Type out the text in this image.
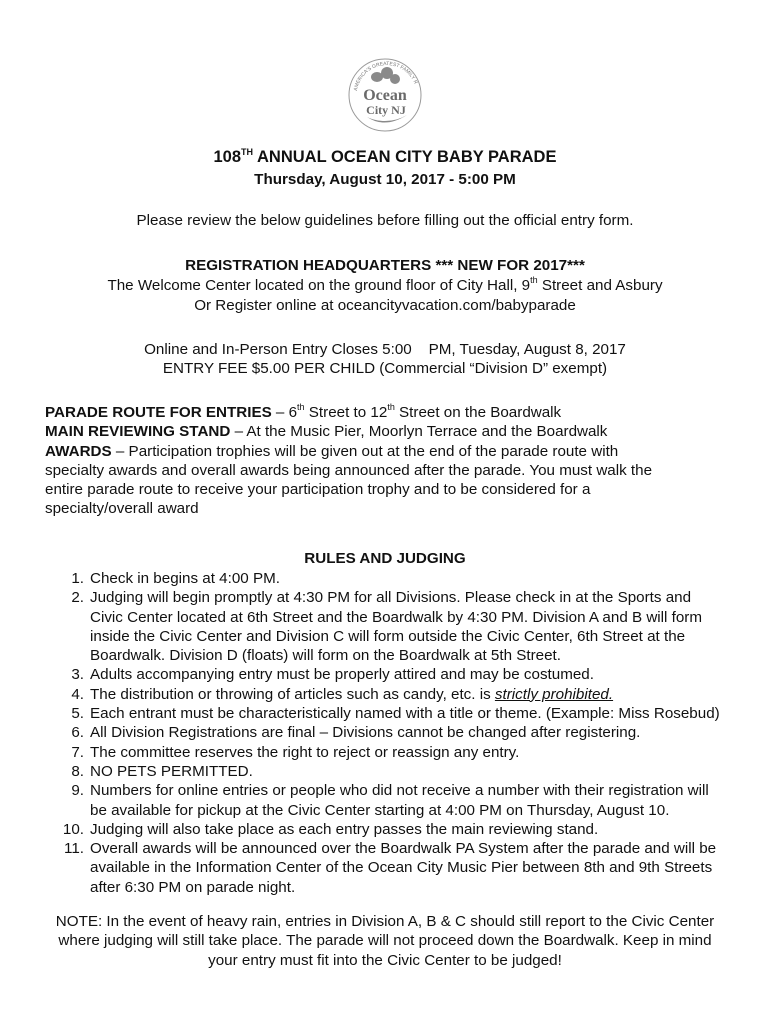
AMERICA'S GREATEST FAMILY R
Ocean
City NJ
108TH ANNUAL OCEAN CITY BABY PARADE
Thursday, August 10, 2017 - 5:00 PM
Please review the below guidelines before filling out the official entry form.
REGISTRATION HEADQUARTERS *** NEW FOR 2017***
The Welcome Center located on the ground floor of City Hall, 9th Street and Asbury
Or Register online at oceancityvacation.com/babyparade
Online and In-Person Entry Closes 5:00    PM, Tuesday, August 8, 2017
ENTRY FEE $5.00 PER CHILD (Commercial “Division D” exempt)

PARADE ROUTE FOR ENTRIES – 6th Street to 12th Street on the Boardwalk

MAIN REVIEWING STAND – At the Music Pier, Moorlyn Terrace and the Boardwalk

AWARDS – Participation trophies will be given out at the end of the parade route with

specialty awards and overall awards being announced after the parade. You must walk the

entire parade route to receive your participation trophy and to be considered for a

specialty/overall award

RULES AND JUDGING
1. Check in begins at 4:00 PM.
2. Judging will begin promptly at 4:30 PM for all Divisions. Please check in at the Sports and
Civic Center located at 6th Street and the Boardwalk by 4:30 PM. Division A and B will form
inside the Civic Center and Division C will form outside the Civic Center, 6th Street at the
Boardwalk. Division D (floats) will form on the Boardwalk at 5th Street.
3. Adults accompanying entry must be properly attired and may be costumed.
4. The distribution or throwing of articles such as candy, etc. is strictly prohibited.
5. Each entrant must be characteristically named with a title or theme. (Example: Miss Rosebud)
6. All Division Registrations are final – Divisions cannot be changed after registering.
7. The committee reserves the right to reject or reassign any entry.
8. NO PETS PERMITTED.
9. Numbers for online entries or people who did not receive a number with their registration will
be available for pickup at the Civic Center starting at 4:00 PM on Thursday, August 10.
10. Judging will also take place as each entry passes the main reviewing stand.
11. Overall awards will be announced over the Boardwalk PA System after the parade and will be
available in the Information Center of the Ocean City Music Pier between 8th and 9th Streets
after 6:30 PM on parade night.
NOTE: In the event of heavy rain, entries in Division A, B & C should still report to the Civic Center
where judging will still take place. The parade will not proceed down the Boardwalk. Keep in mind
your entry must fit into the Civic Center to be judged!
